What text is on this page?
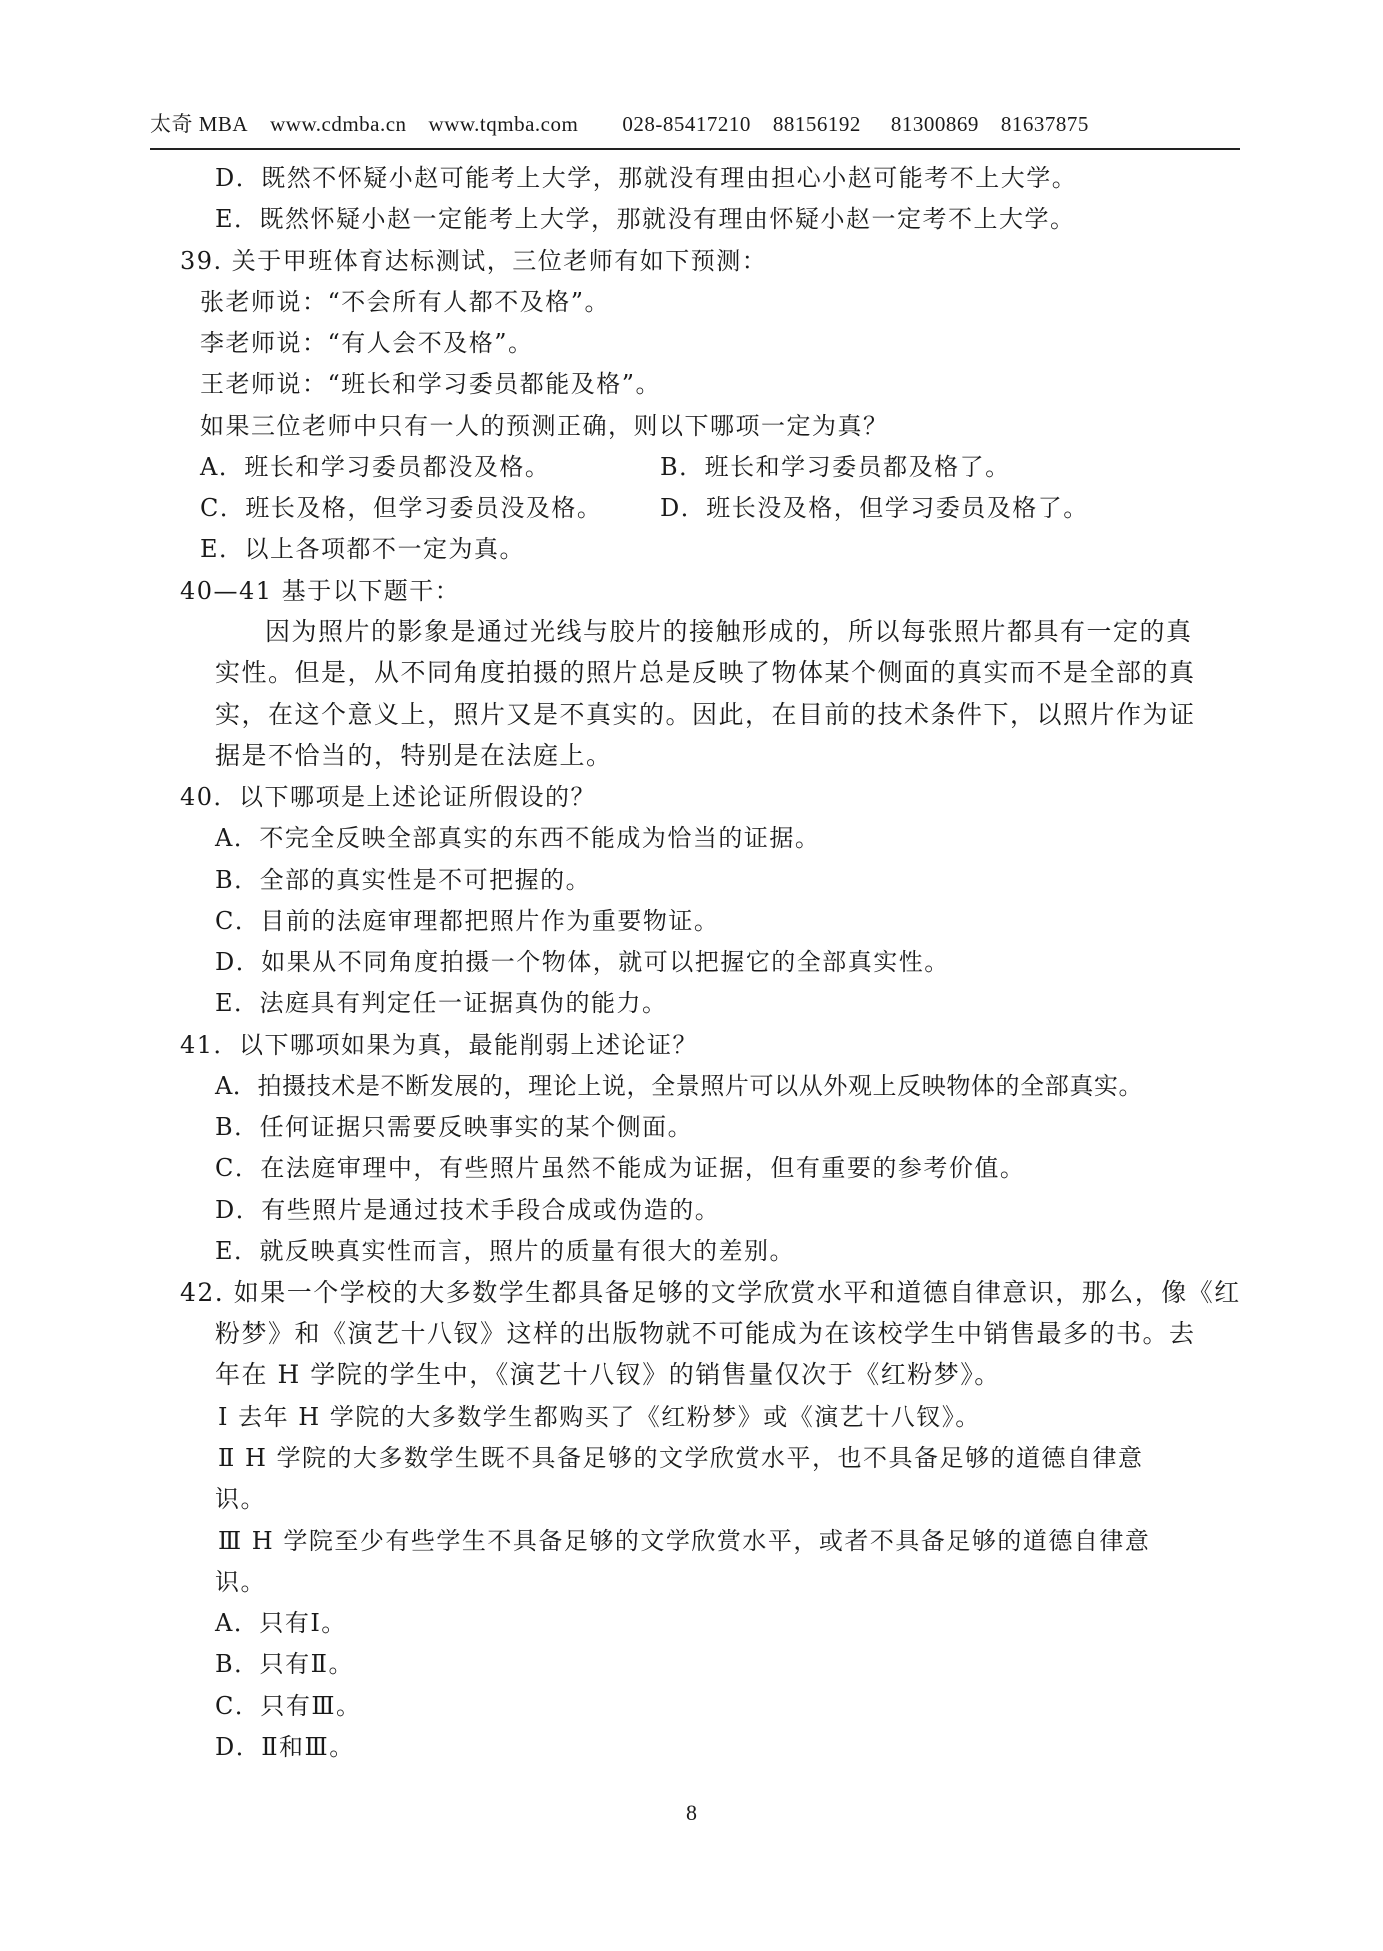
太奇 MBA www.cdmba.cn www.tqmba.com 028-85417210 88156192 81300869 81637875
D．既然不怀疑小赵可能考上大学，那就没有理由担心小赵可能考不上大学。
E．既然怀疑小赵一定能考上大学，那就没有理由怀疑小赵一定考不上大学。
39. 关于甲班体育达标测试，三位老师有如下预测：
张老师说：“不会所有人都不及格”。
李老师说：“有人会不及格”。
王老师说：“班长和学习委员都能及格”。
如果三位老师中只有一人的预测正确，则以下哪项一定为真？
A．班长和学习委员都没及格。	B．班长和学习委员都及格了。
C．班长及格，但学习委员没及格。 D．班长没及格，但学习委员及格了。
E．以上各项都不一定为真。
40—41 基于以下题干：
因为照片的影象是通过光线与胶片的接触形成的，所以每张照片都具有一定的真
实性。但是，从不同角度拍摄的照片总是反映了物体某个侧面的真实而不是全部的真
实，在这个意义上，照片又是不真实的。因此，在目前的技术条件下，以照片作为证
据是不恰当的，特别是在法庭上。
40．以下哪项是上述论证所假设的？
A．不完全反映全部真实的东西不能成为恰当的证据。
B．全部的真实性是不可把握的。
C．目前的法庭审理都把照片作为重要物证。
D．如果从不同角度拍摄一个物体，就可以把握它的全部真实性。
E．法庭具有判定任一证据真伪的能力。
41．以下哪项如果为真，最能削弱上述论证？
A．拍摄技术是不断发展的，理论上说，全景照片可以从外观上反映物体的全部真实。
B．任何证据只需要反映事实的某个侧面。
C．在法庭审理中，有些照片虽然不能成为证据，但有重要的参考价值。
D．有些照片是通过技术手段合成或伪造的。
E．就反映真实性而言，照片的质量有很大的差别。
42. 如果一个学校的大多数学生都具备足够的文学欣赏水平和道德自律意识，那么，像《红
粉梦》和《演艺十八钗》这样的出版物就不可能成为在该校学生中销售最多的书。去
年在 H 学院的学生中，《演艺十八钗》的销售量仅次于《红粉梦》。
Ⅰ 去年 H 学院的大多数学生都购买了《红粉梦》或《演艺十八钗》。
Ⅱ H 学院的大多数学生既不具备足够的文学欣赏水平，也不具备足够的道德自律意
识。
Ⅲ H 学院至少有些学生不具备足够的文学欣赏水平，或者不具备足够的道德自律意
识。
A．只有Ⅰ。
B．只有Ⅱ。
C．只有Ⅲ。
D．Ⅱ和Ⅲ。
8
